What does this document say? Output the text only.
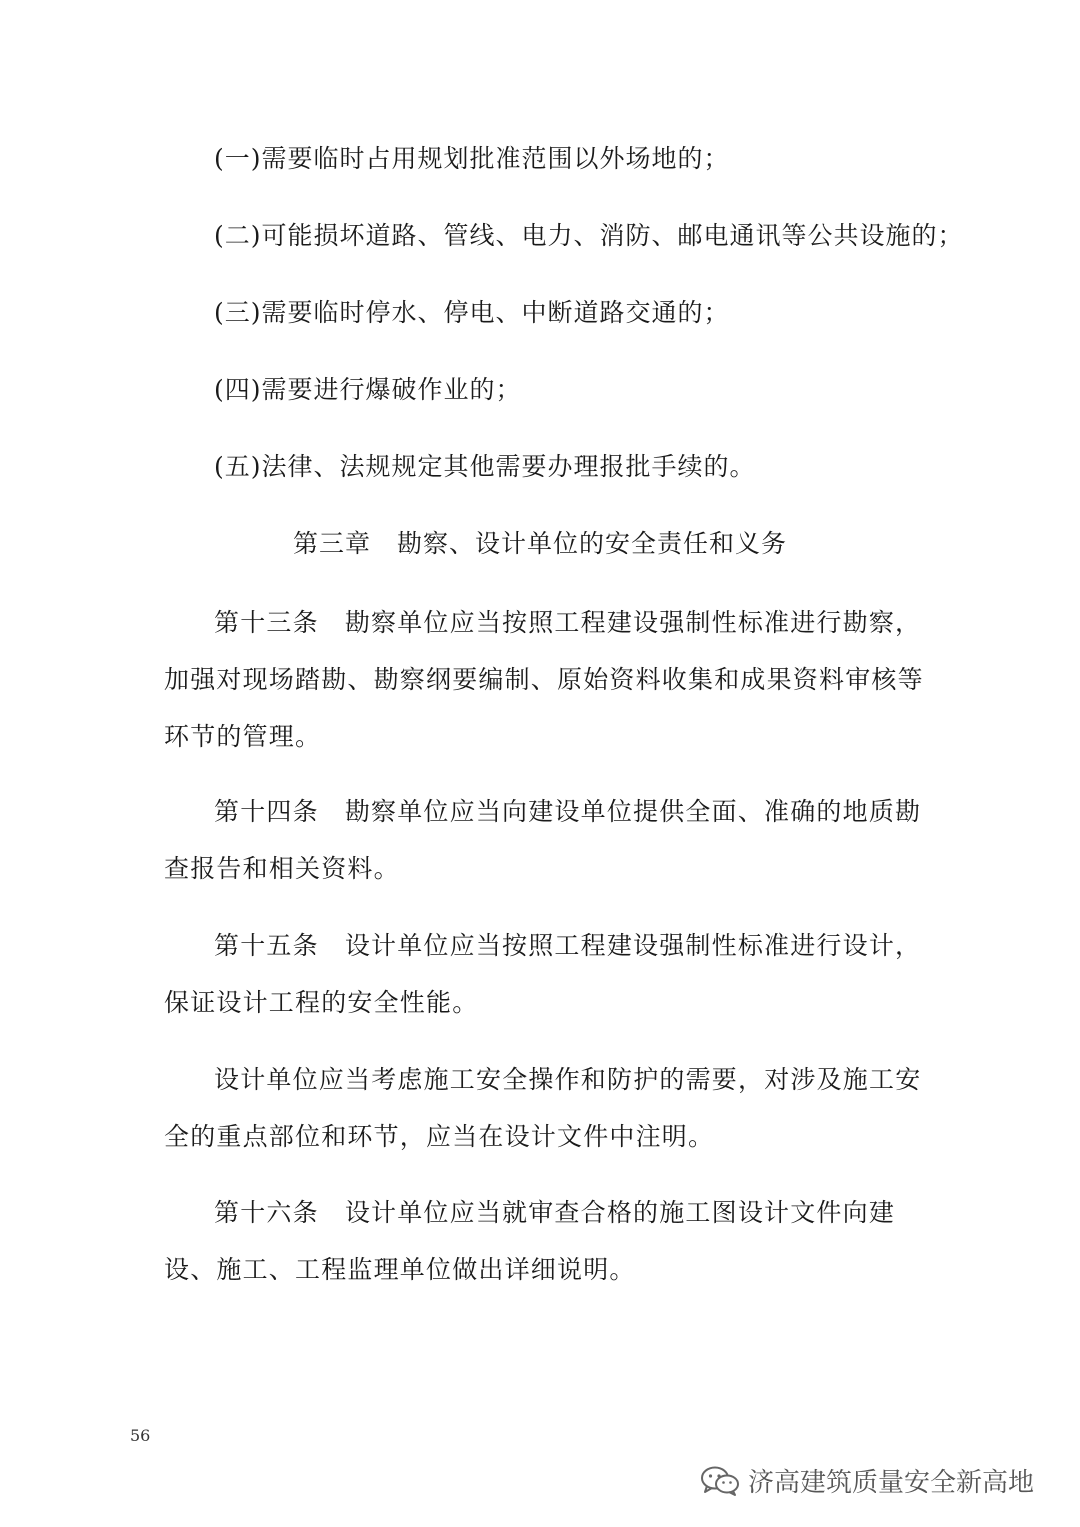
(一)需要临时占用规划批准范围以外场地的；
(二)可能损坏道路、管线、电力、消防、邮电通讯等公共设施的；
(三)需要临时停水、停电、中断道路交通的；
(四)需要进行爆破作业的；
(五)法律、法规规定其他需要办理报批手续的。
第三章 勘察、设计单位的安全责任和义务
第十三条 勘察单位应当按照工程建设强制性标准进行勘察，加强对现场踏勘、勘察纲要编制、原始资料收集和成果资料审核等环节的管理。
第十四条 勘察单位应当向建设单位提供全面、准确的地质勘查报告和相关资料。
第十五条 设计单位应当按照工程建设强制性标准进行设计，保证设计工程的安全性能。
设计单位应当考虑施工安全操作和防护的需要，对涉及施工安全的重点部位和环节，应当在设计文件中注明。
第十六条 设计单位应当就审查合格的施工图设计文件向建设、施工、工程监理单位做出详细说明。
56
济高建筑质量安全新高地
